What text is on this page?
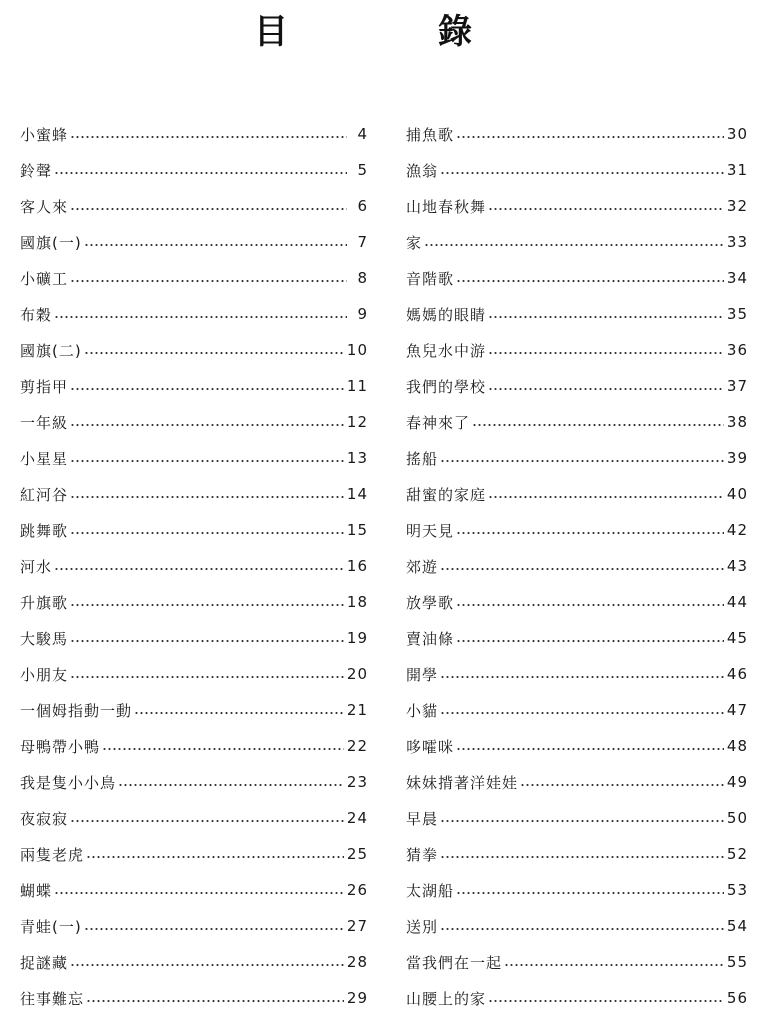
目	錄
小蜜蜂	4
鈴聲	5
客人來	6
國旗(一)	7
小礦工	8
布穀	9
國旗(二)	10
剪指甲	11
一年級	12
小星星	13
紅河谷	14
跳舞歌	15
河水	16
升旗歌	18
大駿馬	19
小朋友	20
一個姆指動一動	21
母鴨帶小鴨	22
我是隻小小鳥	23
夜寂寂	24
兩隻老虎	25
蝴蝶	26
青蛙(一)	27
捉謎藏	28
往事難忘	29
捕魚歌	30
漁翁	31
山地春秋舞	32
家	33
音階歌	34
媽媽的眼睛	35
魚兒水中游	36
我們的學校	37
春神來了	38
搖船	39
甜蜜的家庭	40
明天見	42
郊遊	43
放學歌	44
賣油條	45
開學	46
小貓	47
哆嚯咪	48
妹妹揹著洋娃娃	49
早晨	50
猜拳	52
太湖船	53
送別	54
當我們在一起	55
山腰上的家	56
